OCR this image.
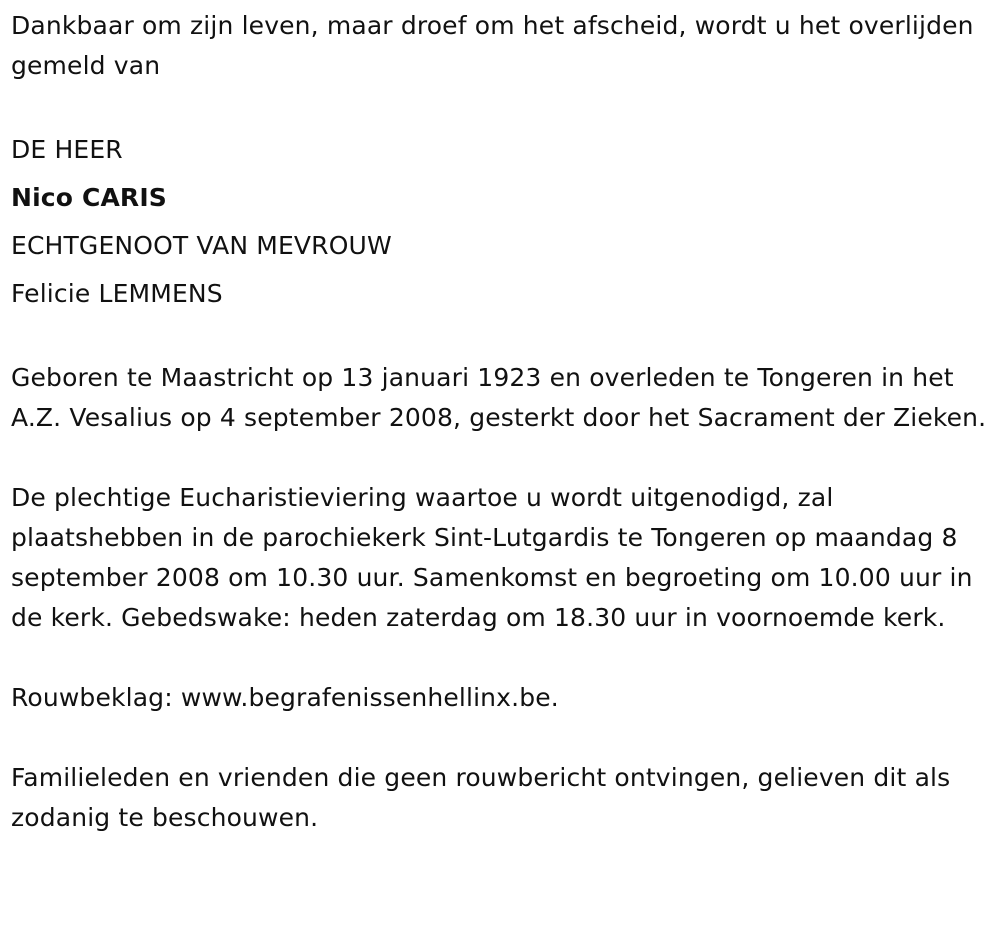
Dankbaar om zijn leven, maar droef om het afscheid, wordt u het overlijden gemeld van

DE HEER

Nico CARIS

ECHTGENOOT VAN MEVROUW

Felicie LEMMENS

Geboren te Maastricht op 13 januari 1923 en overleden te Tongeren in het A.Z. Vesalius op 4 september 2008, gesterkt door het Sacrament der Zieken.

De plechtige Eucharistieviering waartoe u wordt uitgenodigd, zal plaatshebben in de parochiekerk Sint-Lutgardis te Tongeren op maandag 8 september 2008 om 10.30 uur. Samenkomst en begroeting om 10.00 uur in de kerk. Gebedswake: heden zaterdag om 18.30 uur in voornoemde kerk.

Rouwbeklag: www.begrafenissenhellinx.be.

Familieleden en vrienden die geen rouwbericht ontvingen, gelieven dit als zodanig te beschouwen.
